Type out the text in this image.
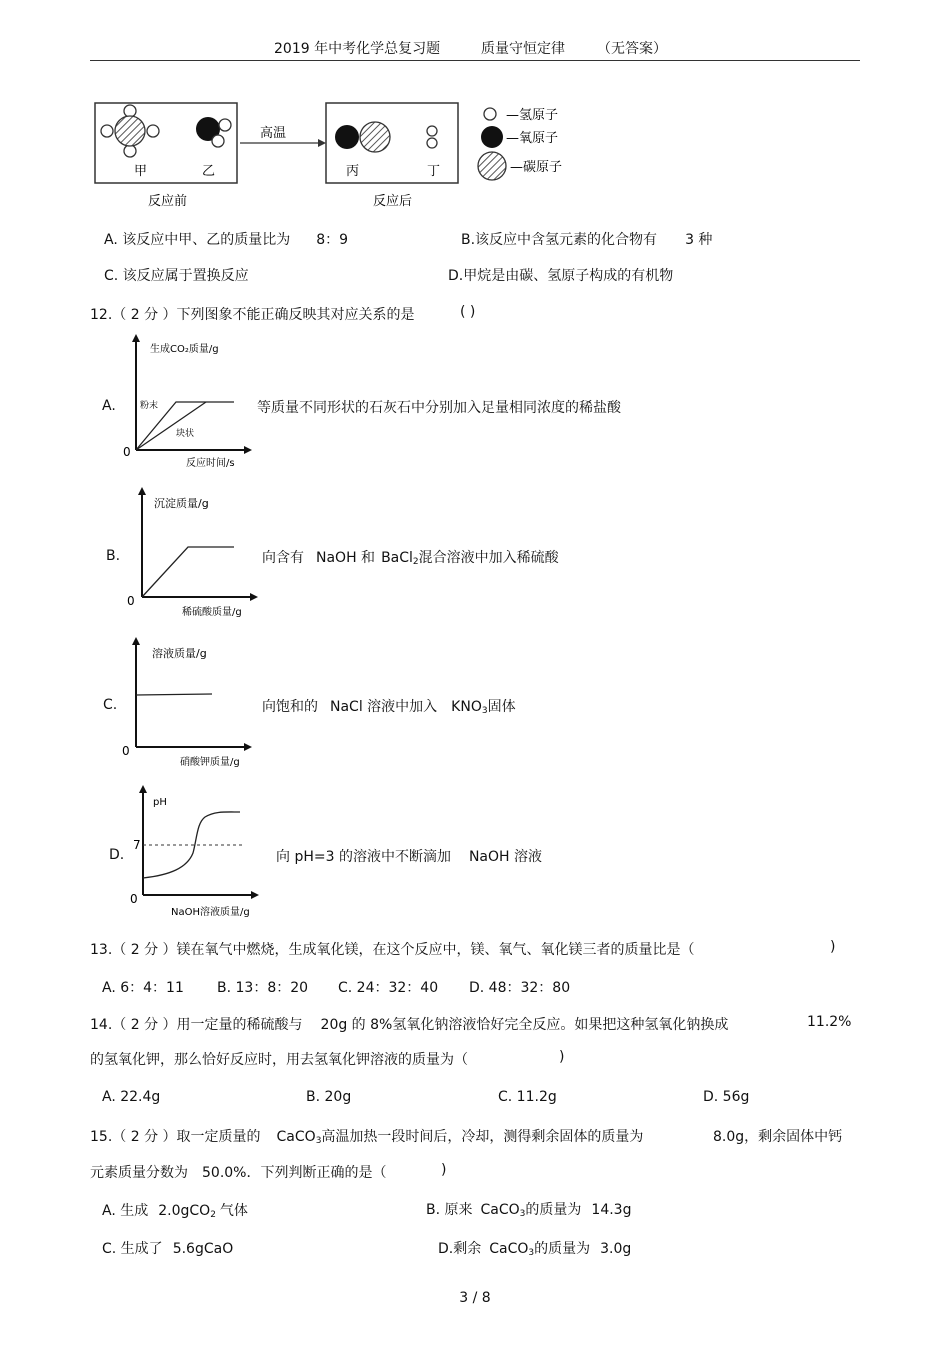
2019 年中考化学总复习题	质量守恒定律 （无答案）
甲	乙
反应前
高温
丙	丁
反应后
—氢原子
—氧原子
—碳原子
A. 该反应中甲、乙的质量比为 8：9	B.该反应中含氢元素的化合物有 3 种
C. 该反应属于置换反应	D.甲烷是由碳、氢原子构成的有机物
12.（ 2 分 ）下列图象不能正确反映其对应关系的是	( )
A.
生成CO₂质量/g
粉末
块状
0
反应时间/s
等质量不同形状的石灰石中分别加入足量相同浓度的稀盐酸
B.
沉淀质量/g
0
稀硫酸质量/g
向含有 NaOH 和 BaCl$_2$混合溶液中加入稀硫酸
C.
溶液质量/g
0
硝酸钾质量/g
向饱和的 NaCl 溶液中加入 $KNO_3$固体
D.
pH
7
0
NaOH溶液质量/g
向 pH=3 的溶液中不断滴加 NaOH 溶液
13.（ 2 分 ）镁在氧气中燃烧，生成氧化镁，在这个反应中，镁、氧气、氧化镁三者的质量比是（	)
A. 6：4：11 B. 13：8：20 C. 24：32：40 D. 48：32：80
14.（ 2 分 ）用一定量的稀硫酸与 20g 的 8%氢氧化钠溶液恰好完全反应。如果把这种氢氧化钠换成	11.2%
的氢氧化钾，那么恰好反应时，用去氢氧化钾溶液的质量为（	)
A. 22.4g	B. 20g	C. 11.2g	D. 56g
15.（ 2 分 ）取一定质量的 CaCO$_3$高温加热一段时间后，冷却，测得剩余固体的质量为	8.0g，剩余固体中钙
元素质量分数为 50.0%．下列判断正确的是（	)
A. 生成 2.0gCO$_2$ 气体	B. 原来 CaCO$_3$的质量为 14.3g
C. 生成了 5.6gCaO	D.剩余 CaCO$_3$的质量为 3.0g
3 / 8
